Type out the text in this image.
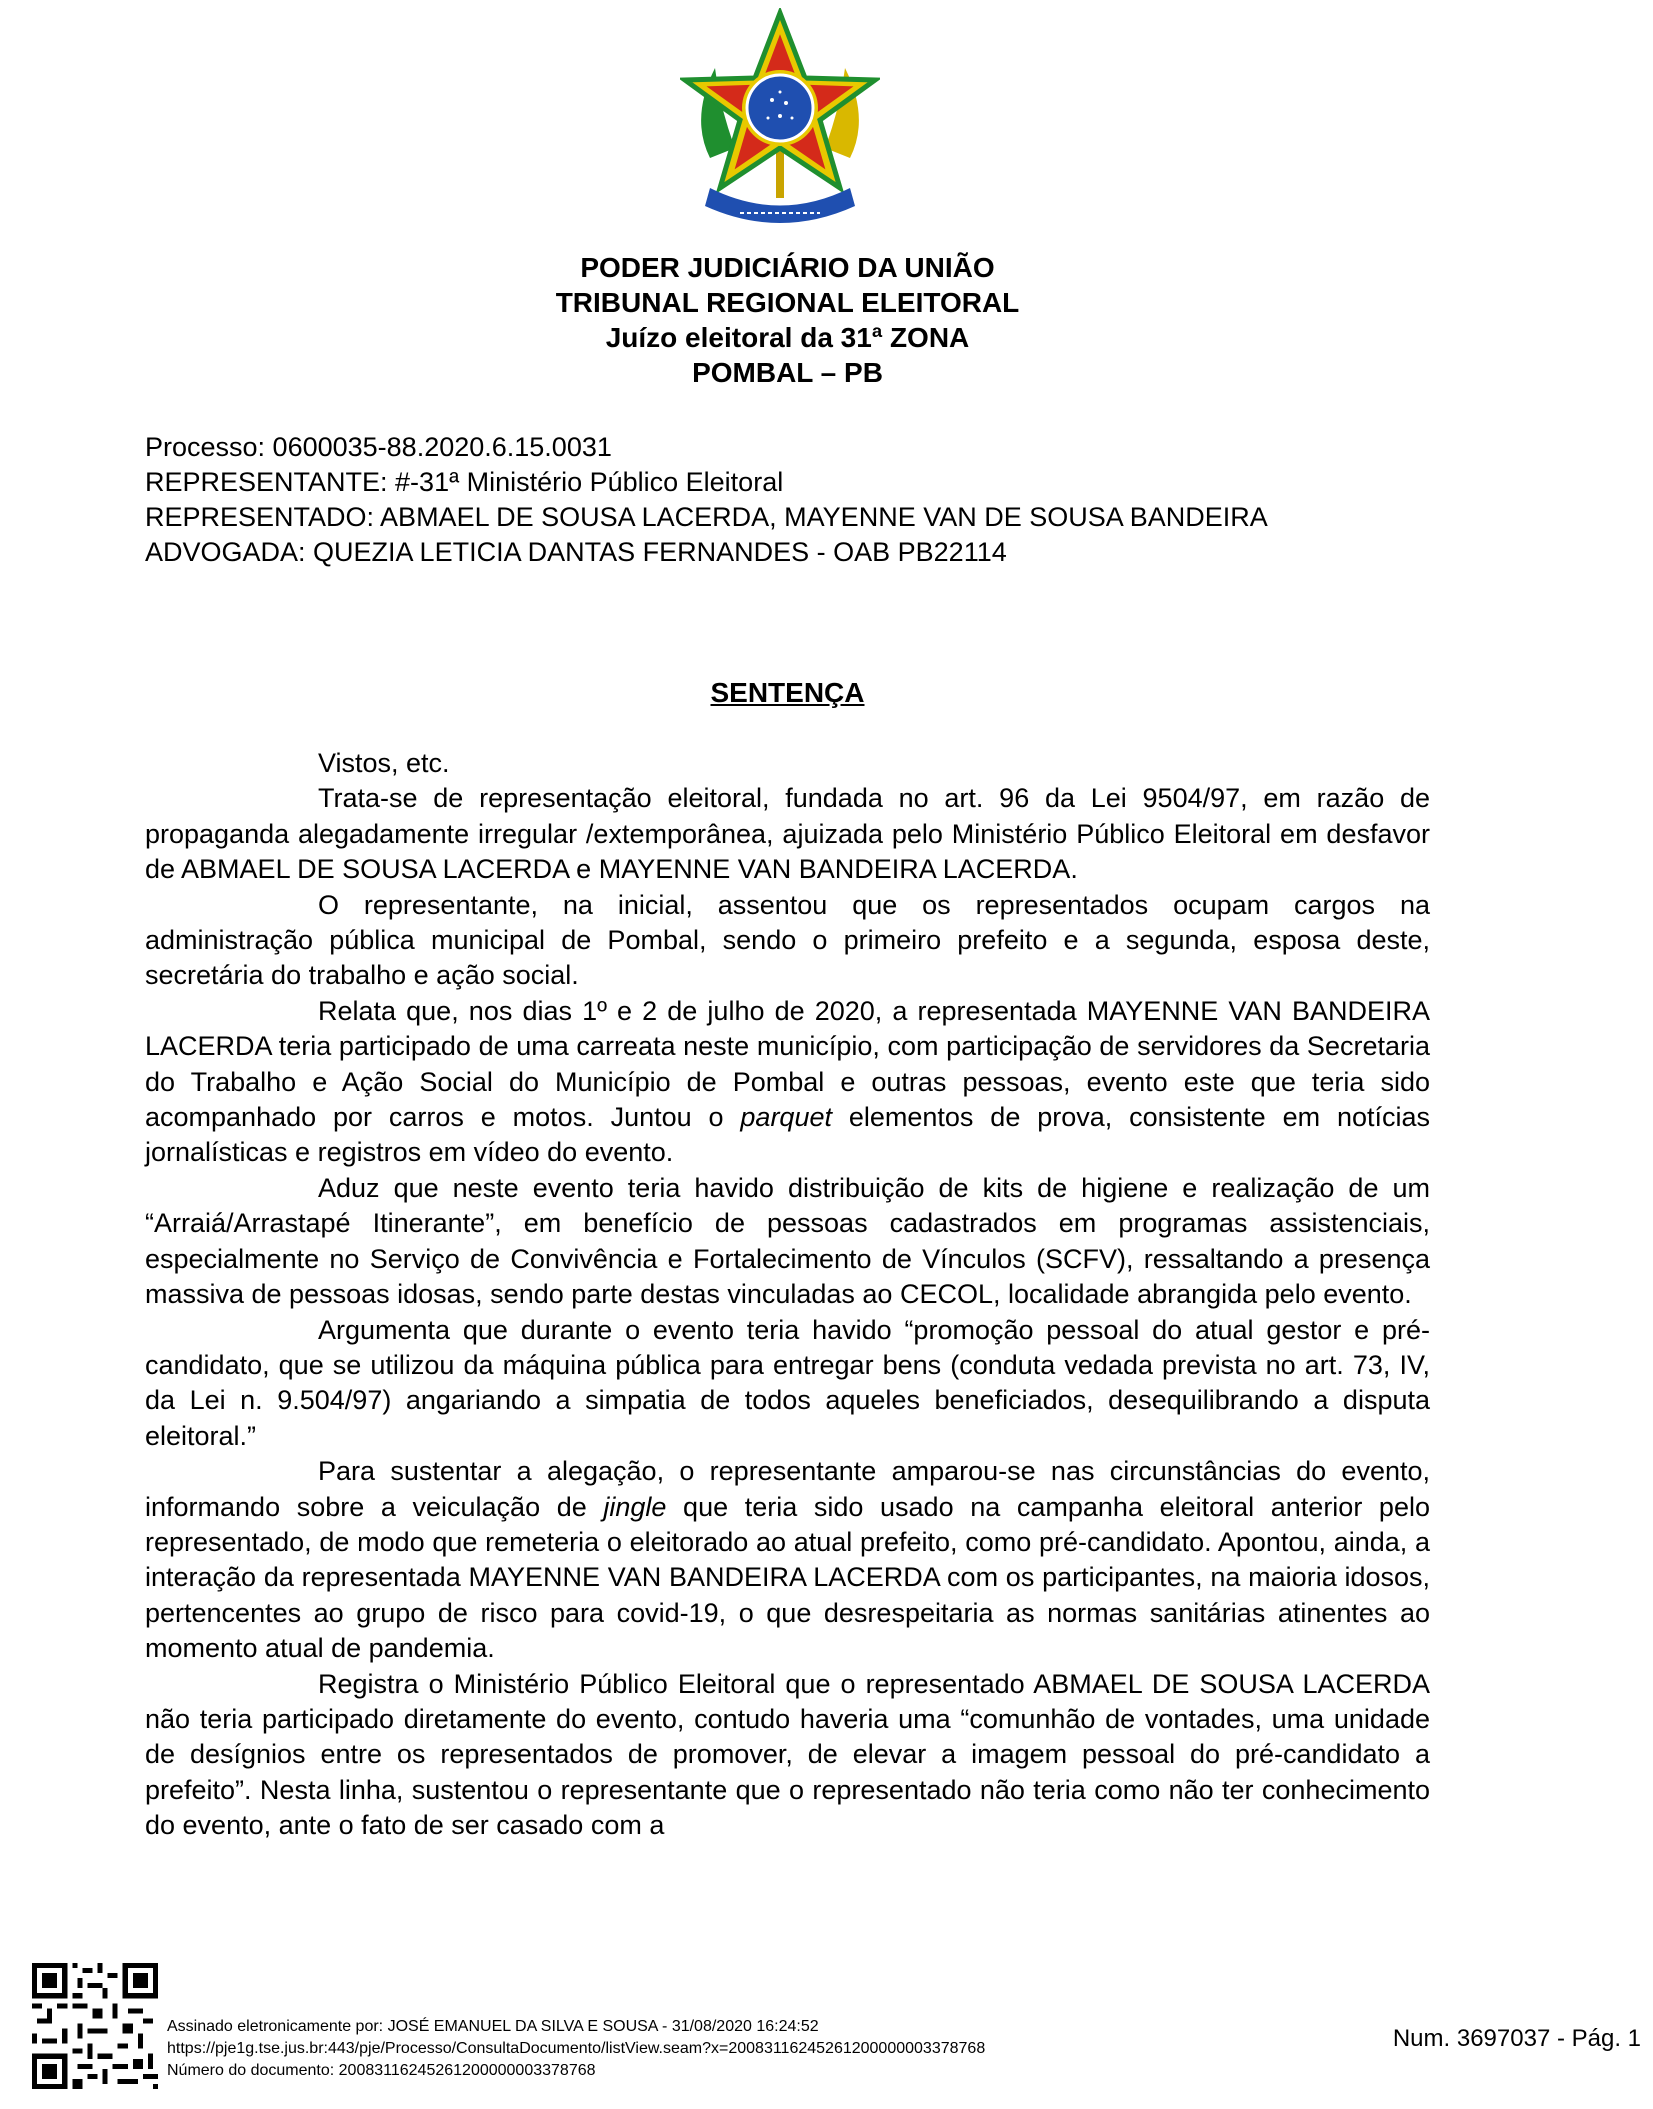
PODER JUDICIÁRIO DA UNIÃO
TRIBUNAL REGIONAL ELEITORAL
Juízo eleitoral da 31ª ZONA
POMBAL – PB
Processo: 0600035-88.2020.6.15.0031
REPRESENTANTE: #-31ª Ministério Público Eleitoral
REPRESENTADO: ABMAEL DE SOUSA LACERDA, MAYENNE VAN DE SOUSA BANDEIRA
ADVOGADA: QUEZIA LETICIA DANTAS FERNANDES - OAB PB22114
SENTENÇA

Vistos, etc.

Trata-se de representação eleitoral, fundada no art. 96 da Lei 9504/97, em razão de propaganda alegadamente irregular /extemporânea, ajuizada pelo Ministério Público Eleitoral em desfavor de ABMAEL DE SOUSA LACERDA e MAYENNE VAN BANDEIRA LACERDA.

O representante, na inicial, assentou que os representados ocupam cargos na administração pública municipal de Pombal, sendo o primeiro prefeito e a segunda, esposa deste, secretária do trabalho e ação social.

Relata que, nos dias 1º e 2 de julho de 2020, a representada MAYENNE VAN BANDEIRA LACERDA teria participado de uma carreata neste município, com participação de servidores da Secretaria do Trabalho e Ação Social do Município de Pombal e outras pessoas, evento este que teria sido acompanhado por carros e motos. Juntou o parquet elementos de prova, consistente em notícias jornalísticas e registros em vídeo do evento.

Aduz que neste evento teria havido distribuição de kits de higiene e realização de um “Arraiá/Arrastapé Itinerante”, em benefício de pessoas cadastrados em programas assistenciais, especialmente no Serviço de Convivência e Fortalecimento de Vínculos (SCFV), ressaltando a presença massiva de pessoas idosas, sendo parte destas vinculadas ao CECOL, localidade abrangida pelo evento.

Argumenta que durante o evento teria havido “promoção pessoal do atual gestor e pré-candidato, que se utilizou da máquina pública para entregar bens (conduta vedada prevista no art. 73, IV, da Lei n. 9.504/97) angariando a simpatia de todos aqueles beneficiados, desequilibrando a disputa eleitoral.”

Para sustentar a alegação, o representante amparou-se nas circunstâncias do evento, informando sobre a veiculação de jingle que teria sido usado na campanha eleitoral anterior pelo representado, de modo que remeteria o eleitorado ao atual prefeito, como pré-candidato. Apontou, ainda, a interação da representada MAYENNE VAN BANDEIRA LACERDA com os participantes, na maioria idosos, pertencentes ao grupo de risco para covid-19, o que desrespeitaria as normas sanitárias atinentes ao momento atual de pandemia.

Registra o Ministério Público Eleitoral que o representado ABMAEL DE SOUSA LACERDA não teria participado diretamente do evento, contudo haveria uma “comunhão de vontades, uma unidade de desígnios entre os representados de promover, de elevar a imagem pessoal do pré-candidato a prefeito”. Nesta linha, sustentou o representante que o representado não teria como não ter conhecimento do evento, ante o fato de ser casado com a

Assinado eletronicamente por: JOSÉ EMANUEL DA SILVA E SOUSA - 31/08/2020 16:24:52
https://pje1g.tse.jus.br:443/pje/Processo/ConsultaDocumento/listView.seam?x=20083116245261200000003378768
Número do documento: 20083116245261200000003378768
Num. 3697037 - Pág. 1
